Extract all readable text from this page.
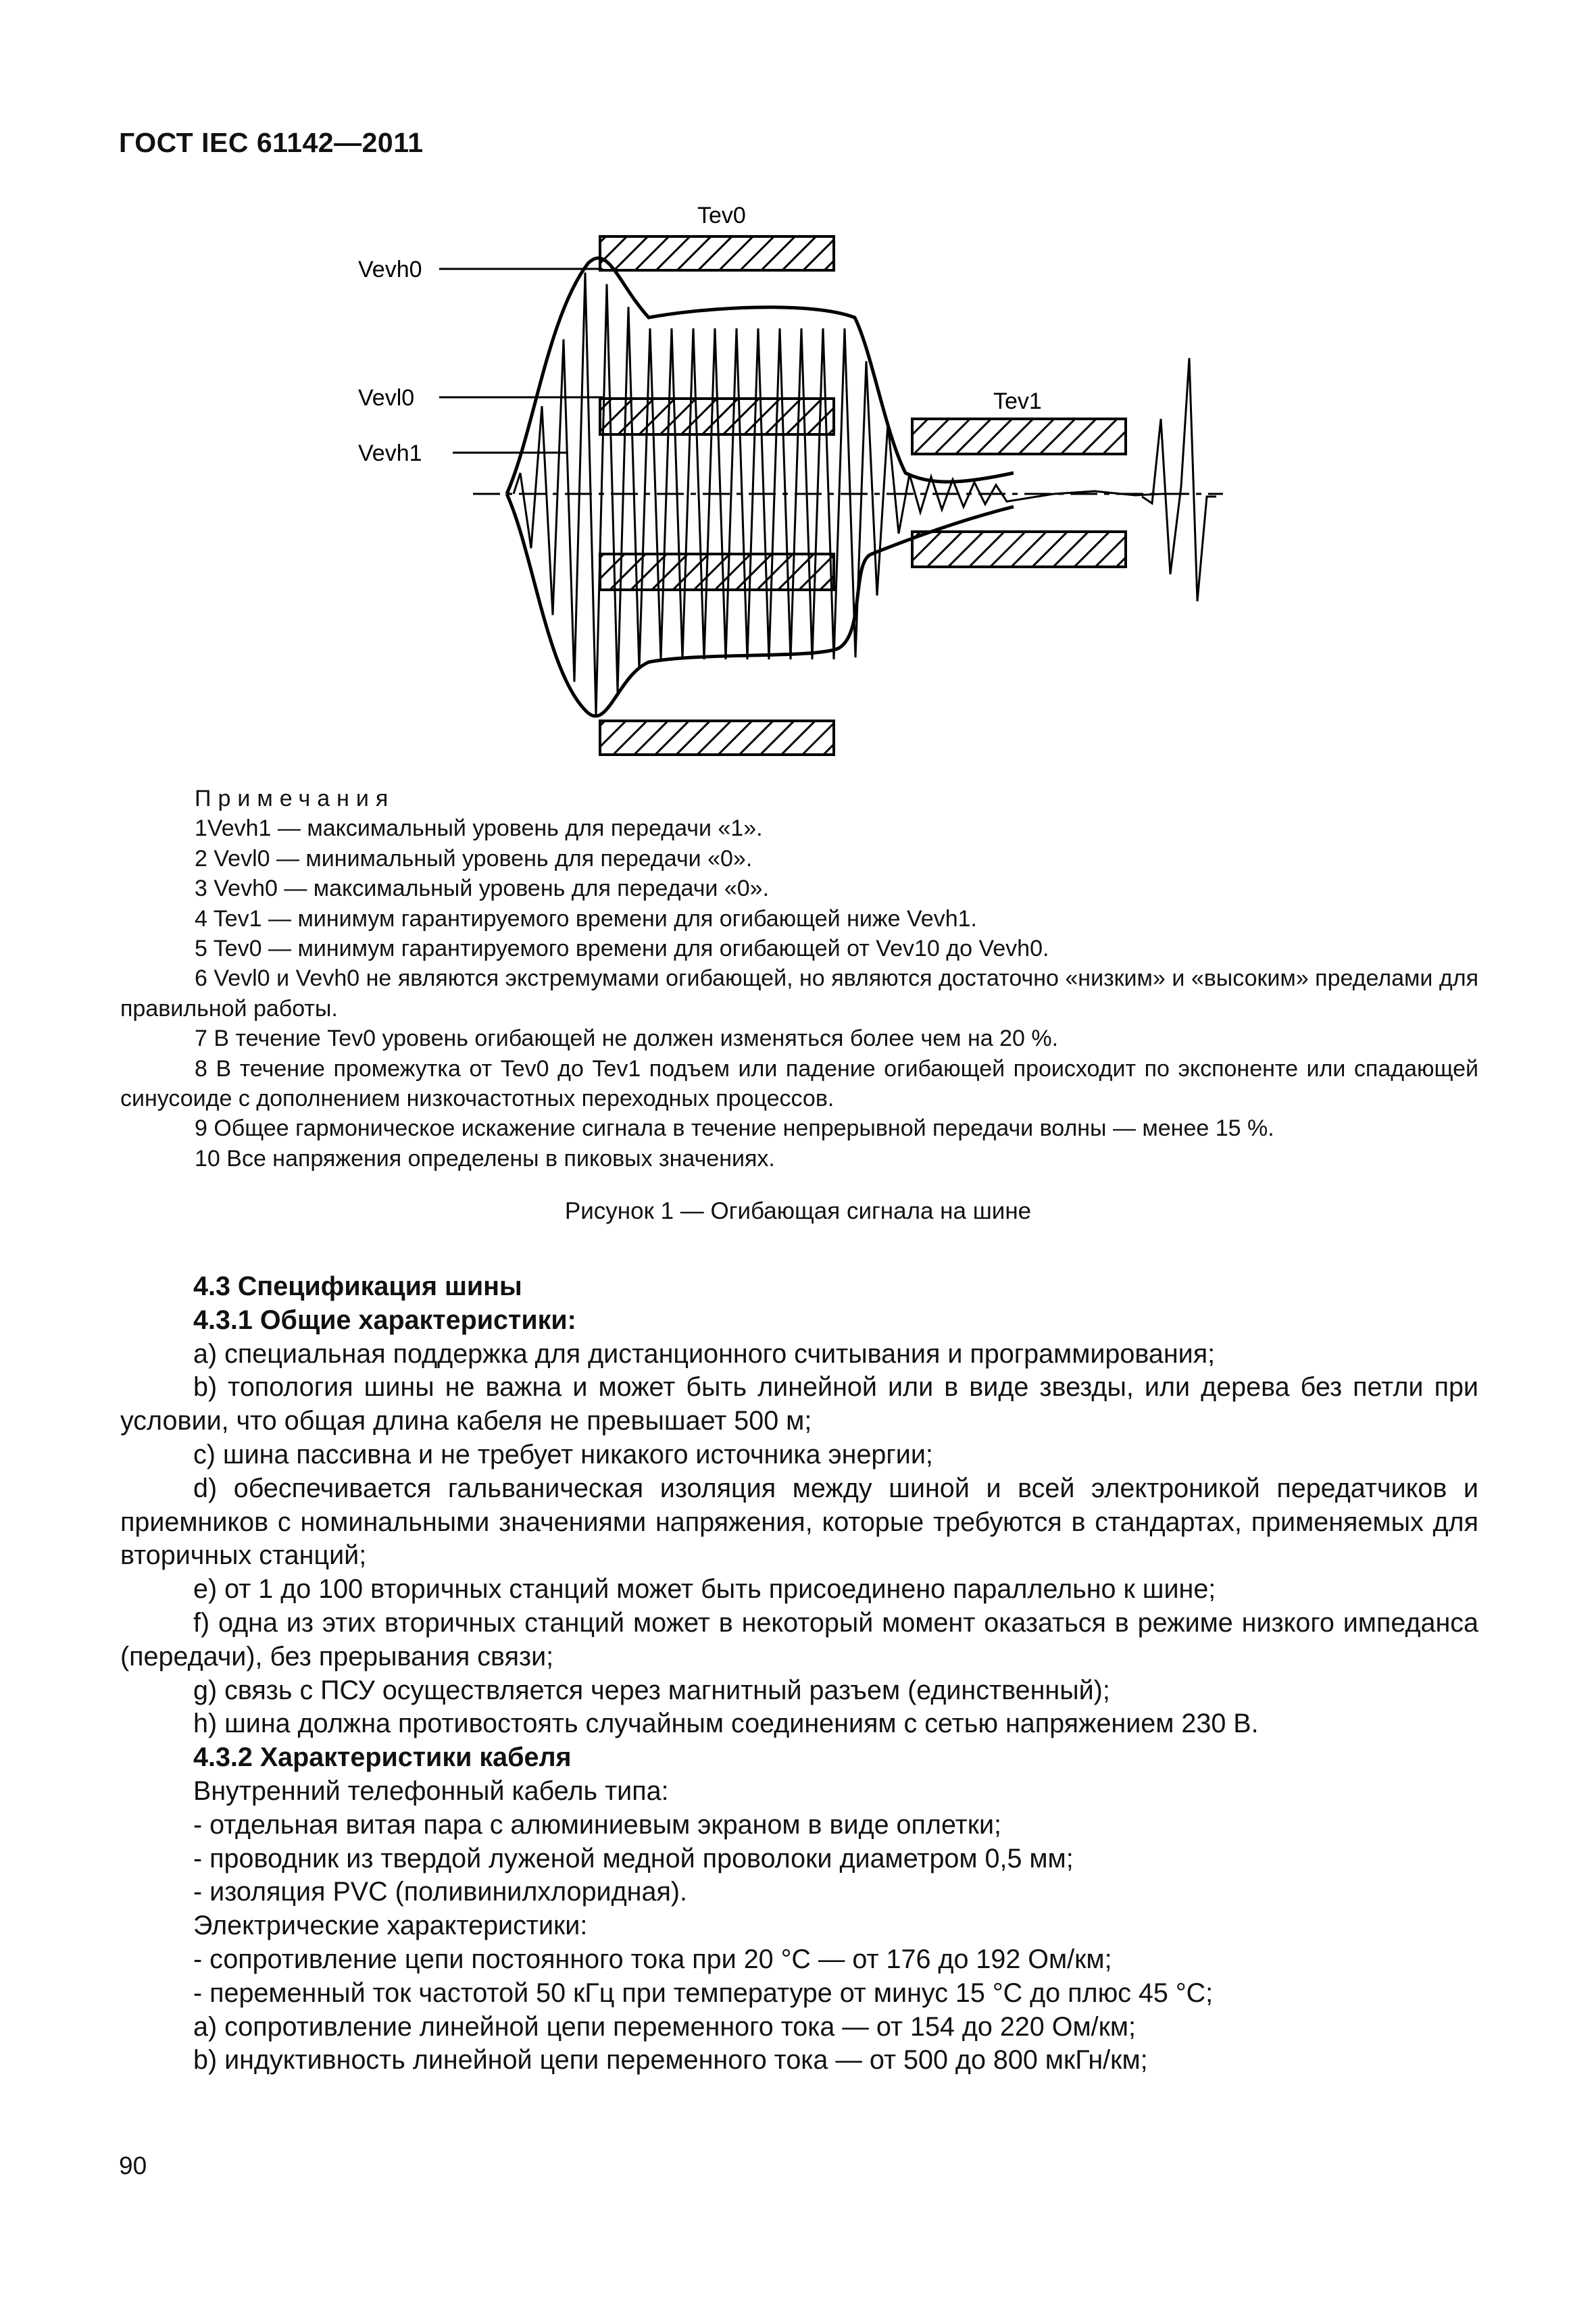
ГОСТ IEC 61142—2011
Tev0
Tev1
Vevh0
Vevl0
Vevh1

Примечания

1Vevh1 — максимальный уровень для передачи «1».

2 Vevl0 — минимальный уровень для передачи «0».

3 Vevh0 — максимальный уровень для передачи «0».

4 Tev1 — минимум гарантируемого времени для огибающей ниже Vevh1.

5 Tev0 — минимум гарантируемого времени для огибающей от Vev10 до Vevh0.

6 Vevl0 и Vevh0 не являются экстремумами огибающей, но являются достаточно «низким» и «высоким» пределами для правильной работы.

7 В течение Tev0 уровень огибающей не должен изменяться более чем на 20 %.

8 В течение промежутка от Tev0 до Tev1 подъем или падение огибающей происходит по экспоненте или спадающей синусоиде с дополнением низкочастотных переходных процессов.

9 Общее гармоническое искажение сигнала в течение непрерывной передачи волны — менее 15 %.

10 Все напряжения определены в пиковых значениях.

Рисунок 1 — Огибающая сигнала на шине

4.3 Спецификация шины

4.3.1 Общие характеристики:

a) специальная поддержка для дистанционного считывания и программирования;

b) топология шины не важна и может быть линейной или в виде звезды, или дерева без петли при условии, что общая длина кабеля не превышает 500 м;

c) шина пассивна и не требует никакого источника энергии;

d) обеспечивается гальваническая изоляция между шиной и всей электроникой передатчиков и приемников с номинальными значениями напряжения, которые требуются в стандартах, применяемых для вторичных станций;

e) от 1 до 100 вторичных станций может быть присоединено параллельно к шине;

f) одна из этих вторичных станций может в некоторый момент оказаться в режиме низкого импеданса (передачи), без прерывания связи;

g) связь с ПСУ осуществляется через магнитный разъем (единственный);

h) шина должна противостоять случайным соединениям с сетью напряжением 230 В.

4.3.2 Характеристики кабеля

Внутренний телефонный кабель типа:

- отдельная витая пара с алюминиевым экраном в виде оплетки;

- проводник из твердой луженой медной проволоки диаметром 0,5 мм;

- изоляция PVC (поливинилхлоридная).

Электрические характеристики:

- сопротивление цепи постоянного тока при 20 °С — от 176 до 192 Ом/км;

- переменный ток частотой 50 кГц при температуре от минус 15 °С до плюс 45 °С;

a) сопротивление линейной цепи переменного тока — от 154 до 220 Ом/км;

b) индуктивность линейной цепи переменного тока — от 500 до 800 мкГн/км;

90
